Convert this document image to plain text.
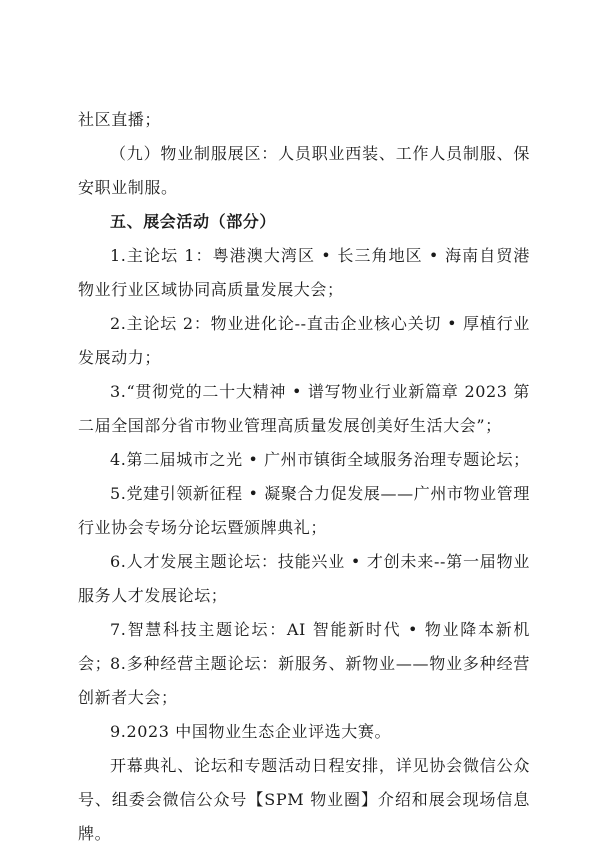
社区直播；

（九）物业制服展区：人员职业西装、工作人员制服、保安职业制服。

五、展会活动（部分）

1.主论坛 1：粤港澳大湾区 • 长三角地区 • 海南自贸港物业行业区域协同高质量发展大会；

2.主论坛 2：物业进化论--直击企业核心关切 • 厚植行业发展动力；

3.“贯彻党的二十大精神 • 谱写物业行业新篇章 2023 第二届全国部分省市物业管理高质量发展创美好生活大会”；

4.第二届城市之光 • 广州市镇街全域服务治理专题论坛；

5.党建引领新征程 • 凝聚合力促发展——广州市物业管理行业协会专场分论坛暨颁牌典礼；

6.人才发展主题论坛：技能兴业 • 才创未来--第一届物业服务人才发展论坛；

7.智慧科技主题论坛：AI 智能新时代 • 物业降本新机会；

8.多种经营主题论坛：新服务、新物业——物业多种经营创新者大会；

9.2023 中国物业生态企业评选大赛。

开幕典礼、论坛和专题活动日程安排，详见协会微信公众号、组委会微信公众号【SPM 物业圈】介绍和展会现场信息牌。
